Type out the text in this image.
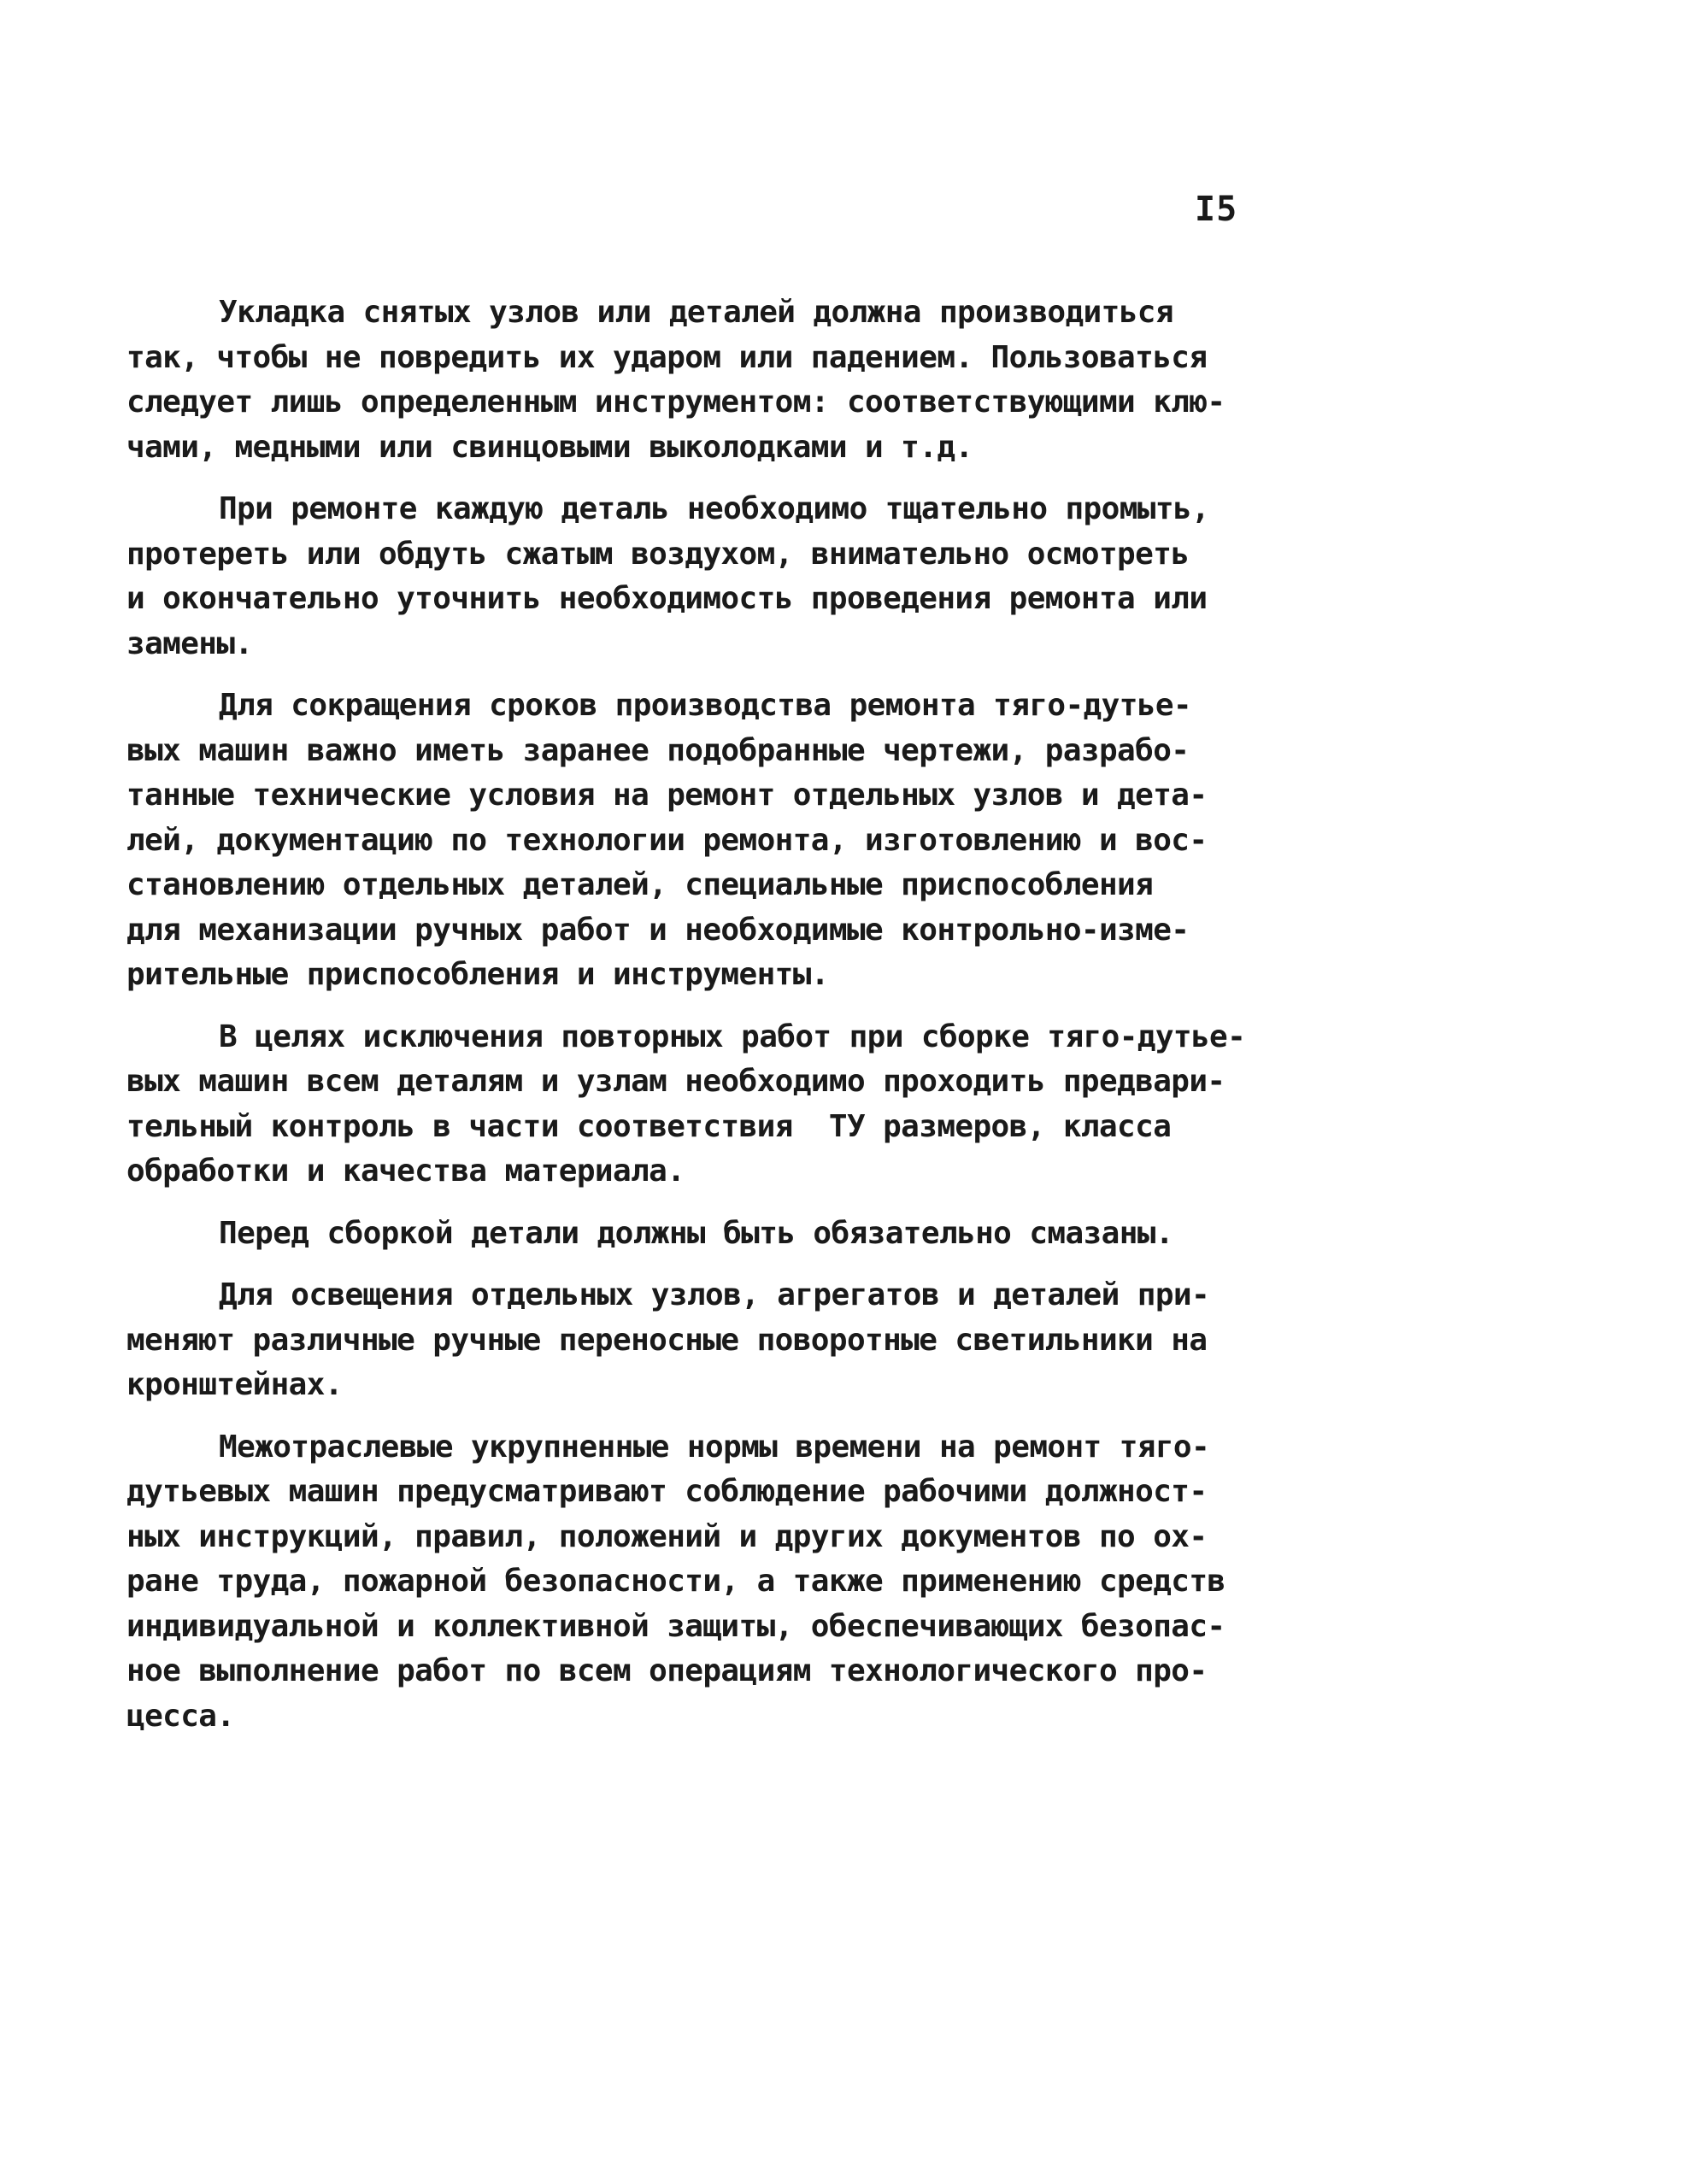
I5
Укладка снятых узлов или деталей должна производиться
так, чтобы не повредить их ударом или падением. Пользоваться
следует лишь определенным инструментом: соответствующими клю-
чами, медными или свинцовыми выколодками и т.д.
При ремонте каждую деталь необходимо тщательно промыть,
протереть или обдуть сжатым воздухом, внимательно осмотреть
и окончательно уточнить необходимость проведения ремонта или
замены.
Для сокращения сроков производства ремонта тяго-дутье-
вых машин важно иметь заранее подобранные чертежи, разрабо-
танные технические условия на ремонт отдельных узлов и дета-
лей, документацию по технологии ремонта, изготовлению и вос-
становлению отдельных деталей, специальные приспособления
для механизации ручных работ и необходимые контрольно-изме-
рительные приспособления и инструменты.
В целях исключения повторных работ при сборке тяго-дутье-
вых машин всем деталям и узлам необходимо проходить предвари-
тельный контроль в части соответствия  ТУ размеров, класса
обработки и качества материала.
Перед сборкой детали должны быть обязательно смазаны.
Для освещения отдельных узлов, агрегатов и деталей при-
меняют различные ручные переносные поворотные светильники на
кронштейнах.
Межотраслевые укрупненные нормы времени на ремонт тяго-
дутьевых машин предусматривают соблюдение рабочими должност-
ных инструкций, правил, положений и других документов по ох-
ране труда, пожарной безопасности, а также применению средств
индивидуальной и коллективной защиты, обеспечивающих безопас-
ное выполнение работ по всем операциям технологического про-
цесса.
